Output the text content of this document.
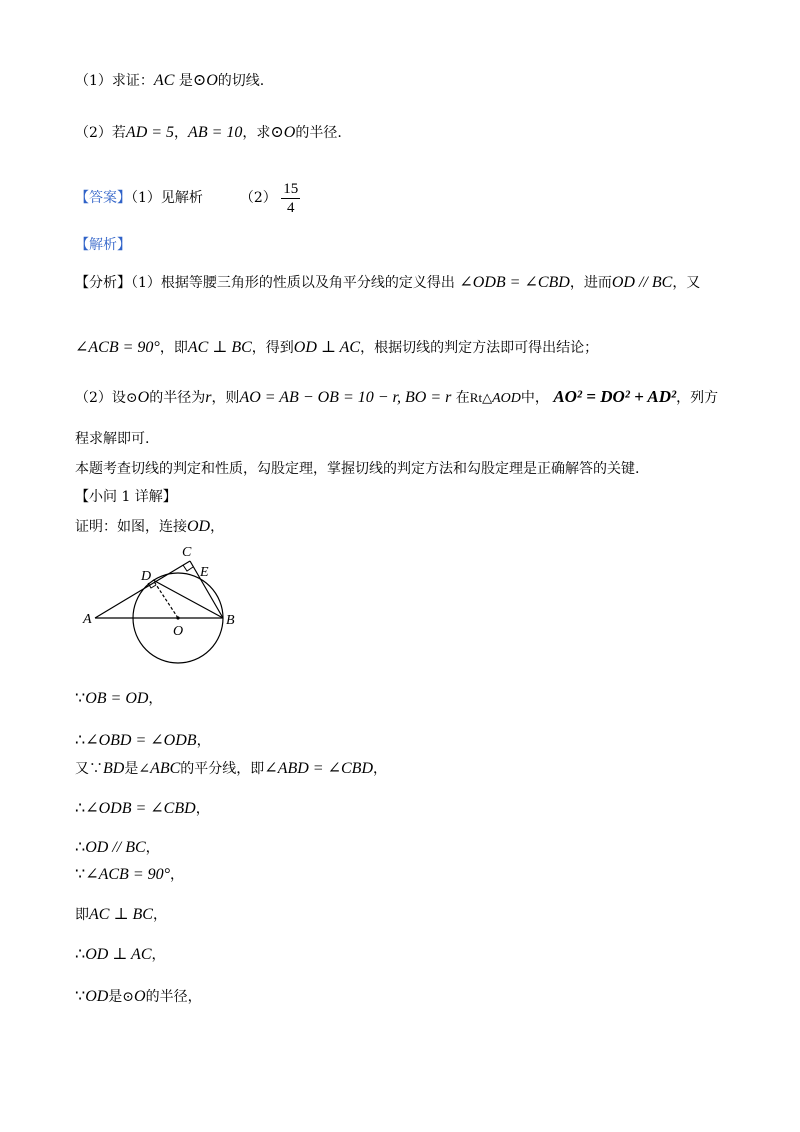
（1）求证：AC 是⊙O的切线.
（2）若AD = 5，AB = 10，求⊙O的半径.
【答案】（1）见解析	$(2) \frac{15}{4}$
【解析】
【分析】（1）根据等腰三角形的性质以及角平分线的定义得出 ∠ODB = ∠CBD，进而OD // BC，又
∠ACB = 90°，即AC ⊥ BC，得到OD ⊥ AC，根据切线的判定方法即可得出结论；
（2）设⊙O的半径为r，则AO = AB − OB = 10 − r, BO = r 在Rt△AOD中， AO² = DO² + AD²，列方
程求解即可.
本题考查切线的判定和性质，勾股定理，掌握切线的判定方法和勾股定理是正确解答的关键.
【小问 1 详解】
证明：如图，连接OD，
A	B
C
D	E
O
∵OB = OD，
∴∠OBD = ∠ODB，
又∵BD是∠ABC的平分线，即∠ABD = ∠CBD，
∴∠ODB = ∠CBD，
∴OD // BC，
∵∠ACB = 90°，
即AC ⊥ BC，
∴OD ⊥ AC，
∵OD是⊙O的半径，
